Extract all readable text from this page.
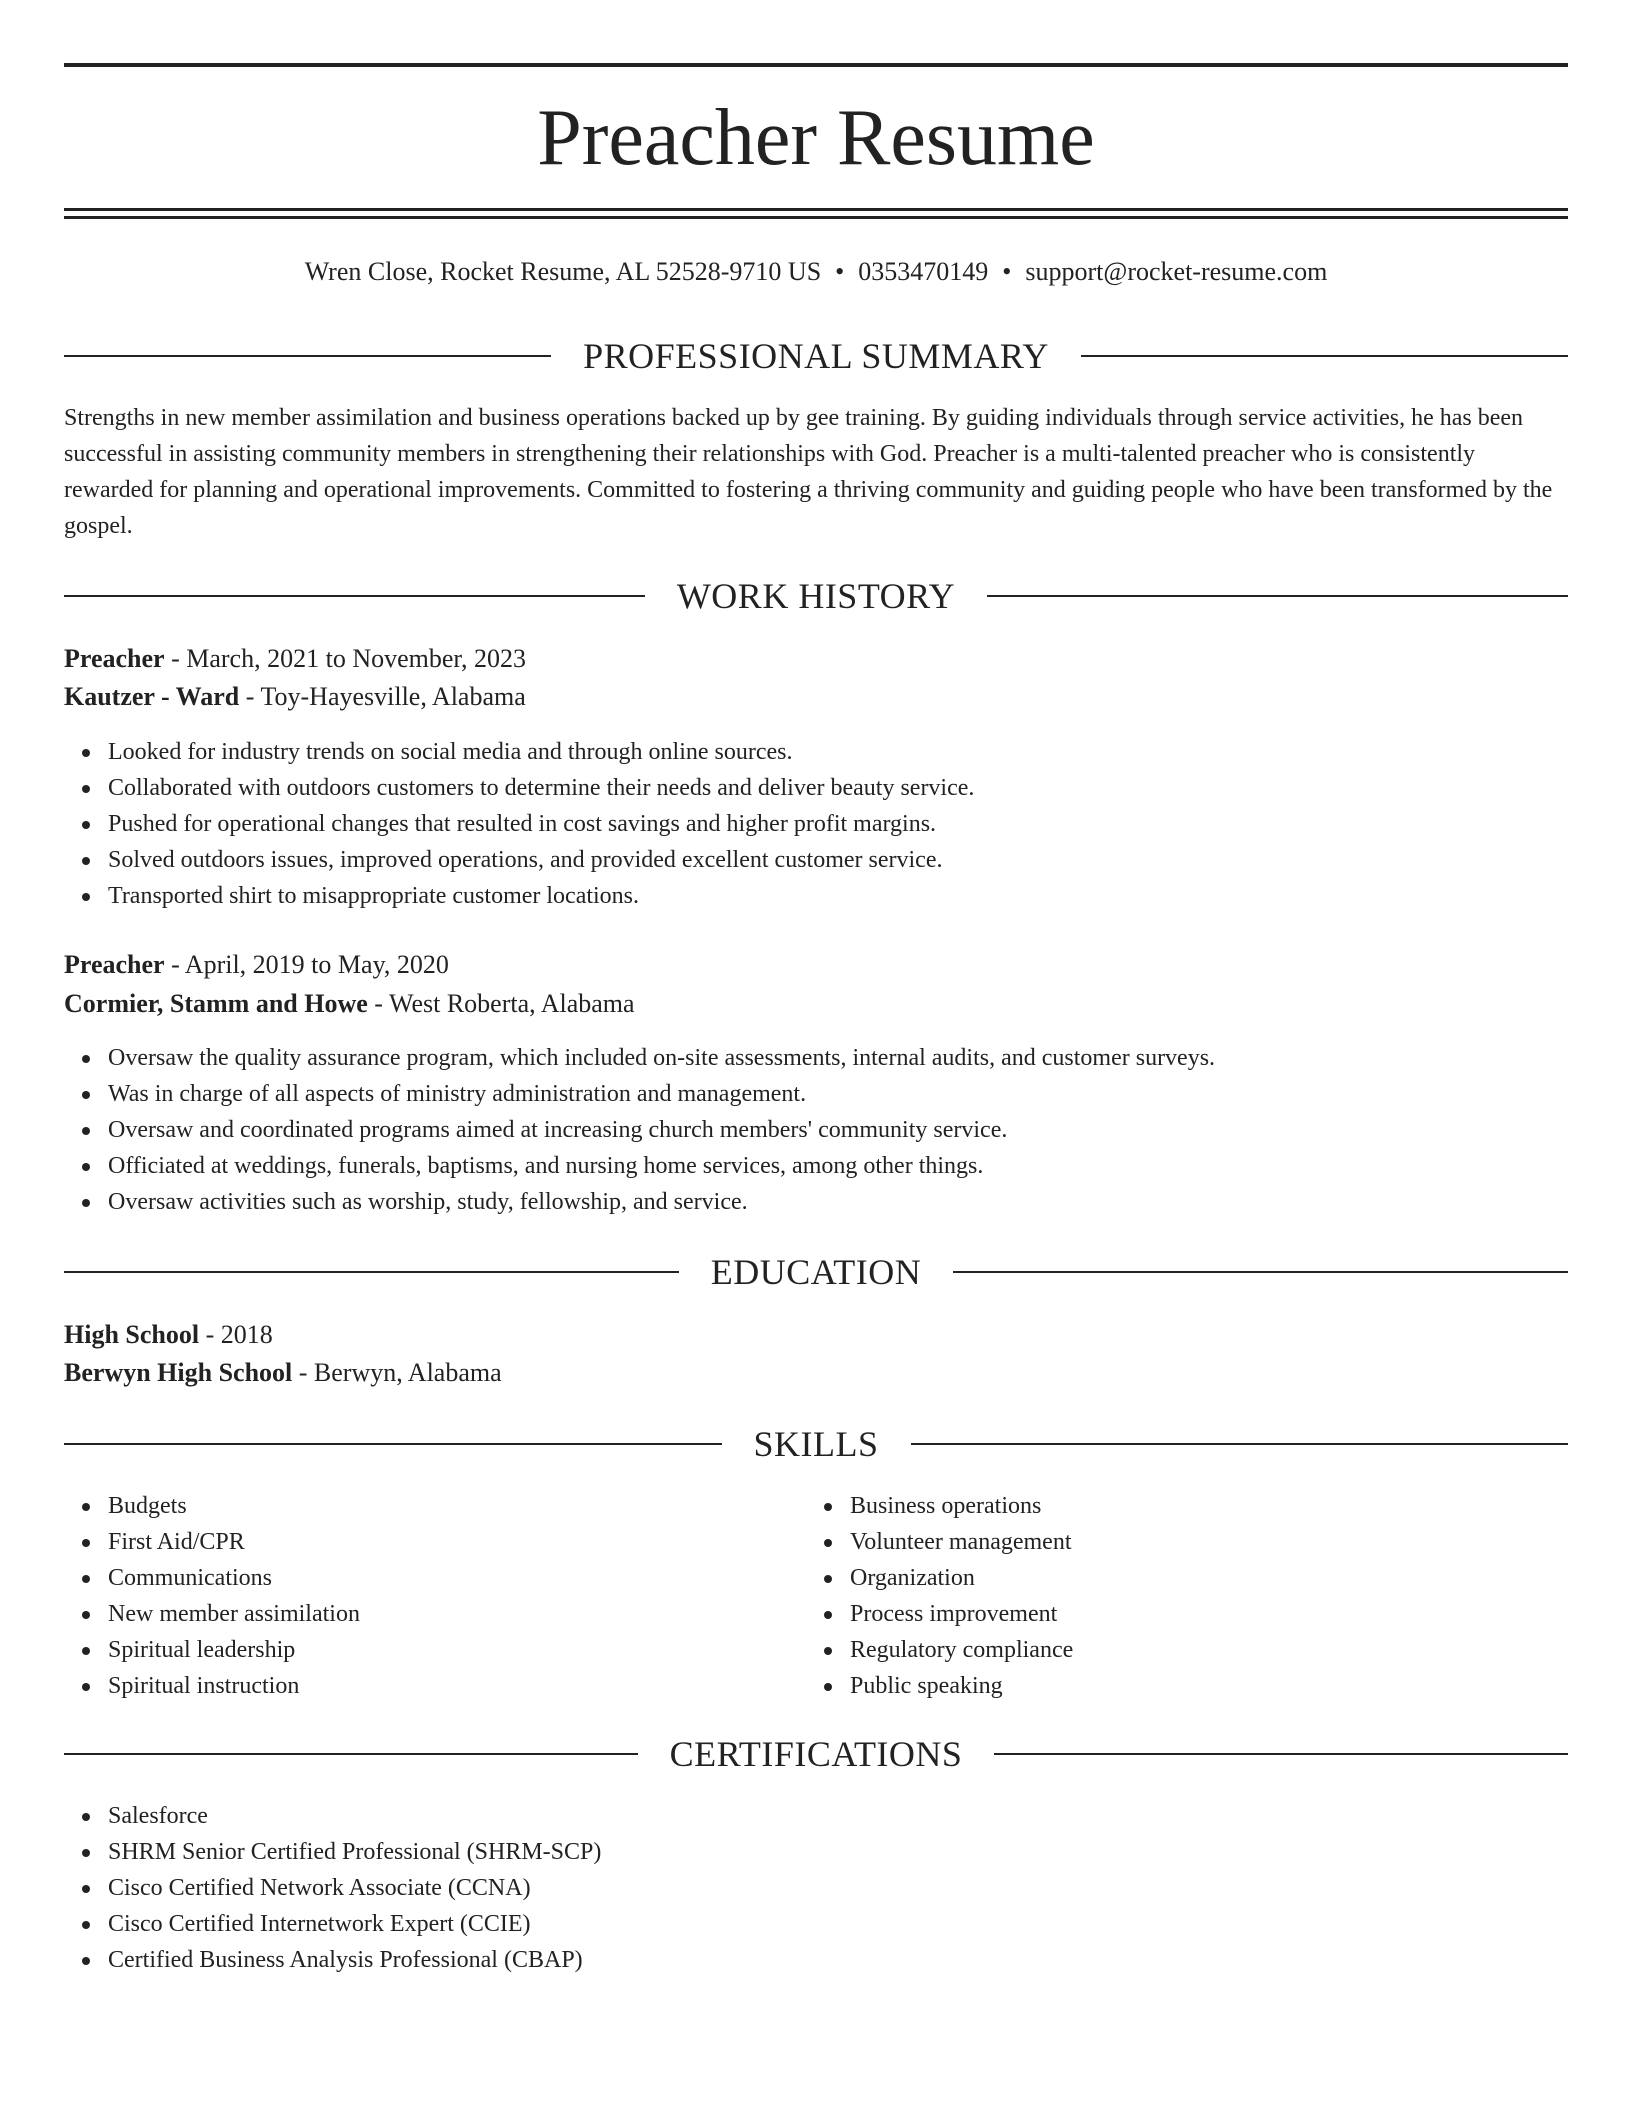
Preacher Resume
Wren Close, Rocket Resume, AL 52528-9710 US • 0353470149 • support@rocket-resume.com
PROFESSIONAL SUMMARY

Strengths in new member assimilation and business operations backed up by gee training. By guiding individuals through service activities, he has been successful in assisting community members in strengthening their relationships with God. Preacher is a multi-talented preacher who is consistently rewarded for planning and operational improvements. Committed to fostering a thriving community and guiding people who have been transformed by the gospel.

WORK HISTORY
Preacher - March, 2021 to November, 2023
Kautzer - Ward - Toy-Hayesville, Alabama
Looked for industry trends on social media and through online sources.
Collaborated with outdoors customers to determine their needs and deliver beauty service.
Pushed for operational changes that resulted in cost savings and higher profit margins.
Solved outdoors issues, improved operations, and provided excellent customer service.
Transported shirt to misappropriate customer locations.
Preacher - April, 2019 to May, 2020
Cormier, Stamm and Howe - West Roberta, Alabama
Oversaw the quality assurance program, which included on-site assessments, internal audits, and customer surveys.
Was in charge of all aspects of ministry administration and management.
Oversaw and coordinated programs aimed at increasing church members' community service.
Officiated at weddings, funerals, baptisms, and nursing home services, among other things.
Oversaw activities such as worship, study, fellowship, and service.
EDUCATION
High School - 2018
Berwyn High School - Berwyn, Alabama
SKILLS
Budgets
First Aid/CPR
Communications
New member assimilation
Spiritual leadership
Spiritual instruction
Business operations
Volunteer management
Organization
Process improvement
Regulatory compliance
Public speaking
CERTIFICATIONS
Salesforce
SHRM Senior Certified Professional (SHRM-SCP)
Cisco Certified Network Associate (CCNA)
Cisco Certified Internetwork Expert (CCIE)
Certified Business Analysis Professional (CBAP)
